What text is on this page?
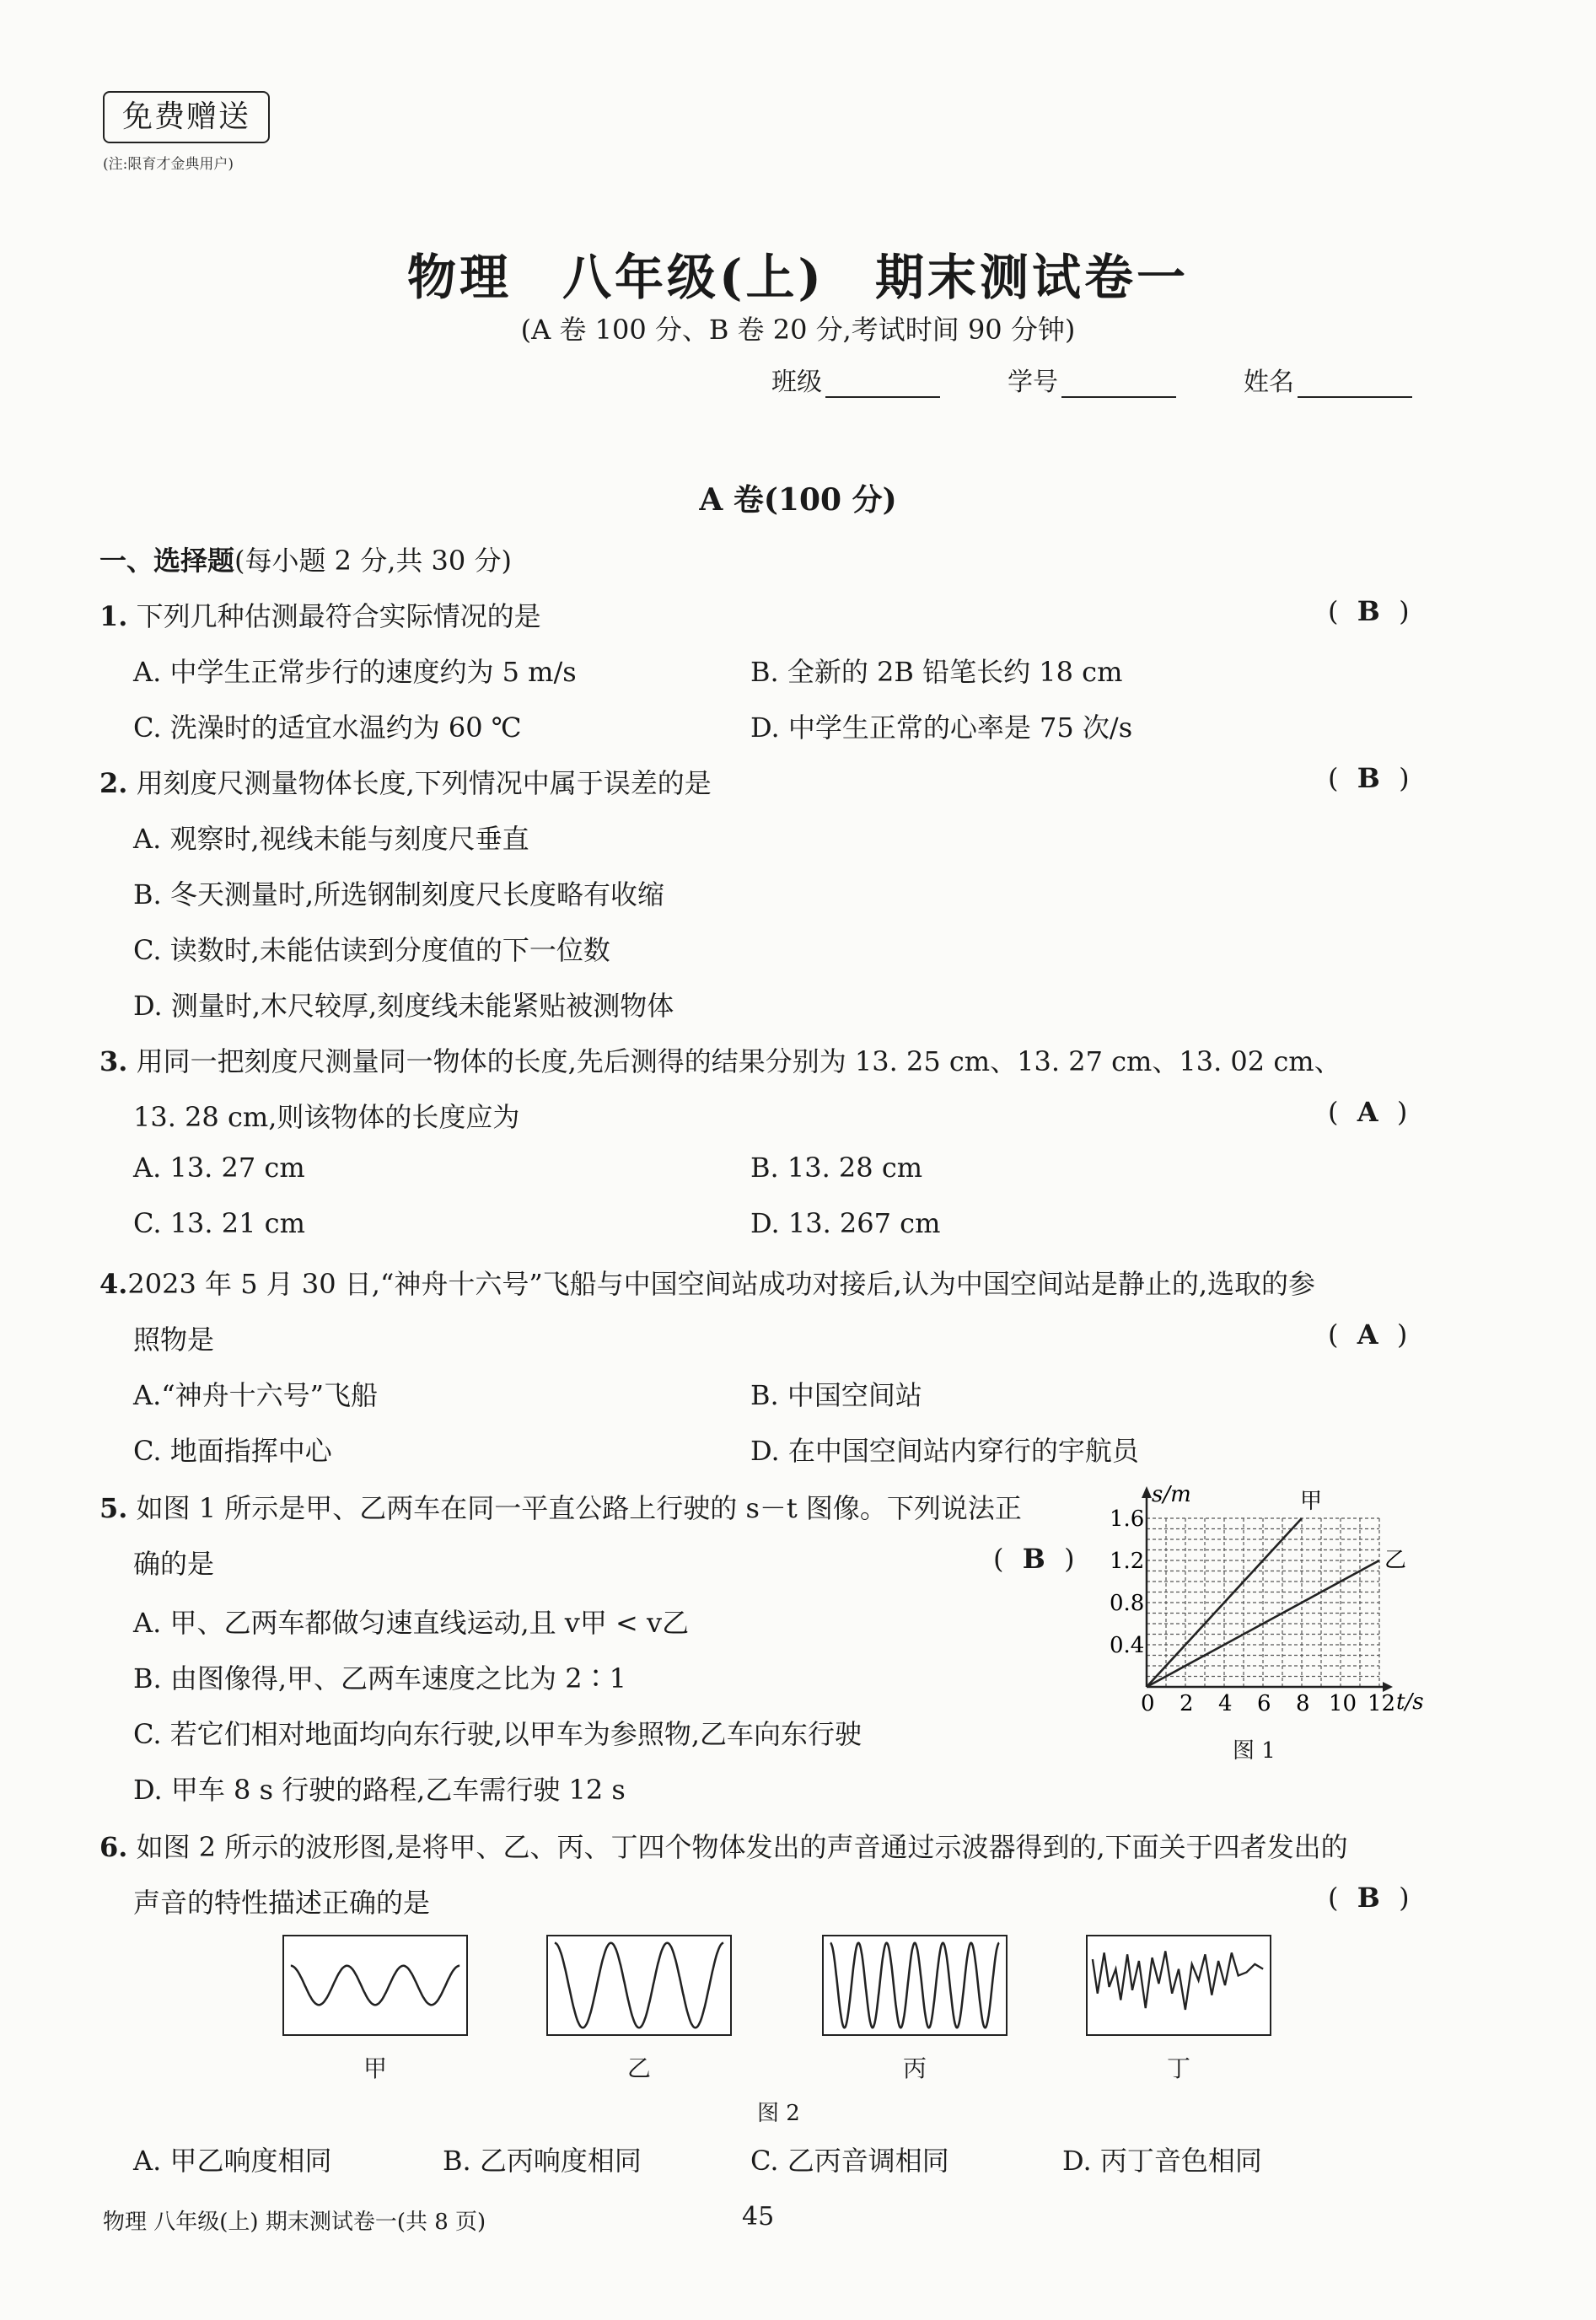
免费赠送
(注:限育才金典用户)
物理 八年级(上) 期末测试卷一
(A 卷 100 分、B 卷 20 分,考试时间 90 分钟)
班级	学号	姓名
A 卷(100 分)
一、选择题(每小题 2 分,共 30 分)
1. 下列几种估测最符合实际情况的是	( B )
A. 中学生正常步行的速度约为 5 m/s	B. 全新的 2B 铅笔长约 18 cm
C. 洗澡时的适宜水温约为 60 ℃	D. 中学生正常的心率是 75 次/s
2. 用刻度尺测量物体长度,下列情况中属于误差的是	( B )
A. 观察时,视线未能与刻度尺垂直
B. 冬天测量时,所选钢制刻度尺长度略有收缩
C. 读数时,未能估读到分度值的下一位数
D. 测量时,木尺较厚,刻度线未能紧贴被测物体
3. 用同一把刻度尺测量同一物体的长度,先后测得的结果分别为 13. 25 cm、13. 27 cm、13. 02 cm、
13. 28 cm,则该物体的长度应为	( A )
A. 13. 27 cm	B. 13. 28 cm
C. 13. 21 cm	D. 13. 267 cm
4.2023 年 5 月 30 日,“神舟十六号”飞船与中国空间站成功对接后,认为中国空间站是静止的,选取的参
照物是	( A )
A.“神舟十六号”飞船	B. 中国空间站
C. 地面指挥中心	D. 在中国空间站内穿行的宇航员
5. 如图 1 所示是甲、乙两车在同一平直公路上行驶的 s－t 图像。下列说法正
确的是	( B )
A. 甲、乙两车都做匀速直线运动,且 v甲 < v乙
B. 由图像得,甲、乙两车速度之比为 2∶1
C. 若它们相对地面均向东行驶,以甲车为参照物,乙车向东行驶
D. 甲车 8 s 行驶的路程,乙车需行驶 12 s
0 2 4 6 8 10 12
1.6
1.2
0.8
0.4
s/m
t/s
甲
乙
图 1
6. 如图 2 所示的波形图,是将甲、乙、丙、丁四个物体发出的声音通过示波器得到的,下面关于四者发出的
声音的特性描述正确的是	( B )
甲	乙	丙	丁
图 2
A. 甲乙响度相同	B. 乙丙响度相同	C. 乙丙音调相同	D. 丙丁音色相同
物理 八年级(上) 期末测试卷一(共 8 页)	45
